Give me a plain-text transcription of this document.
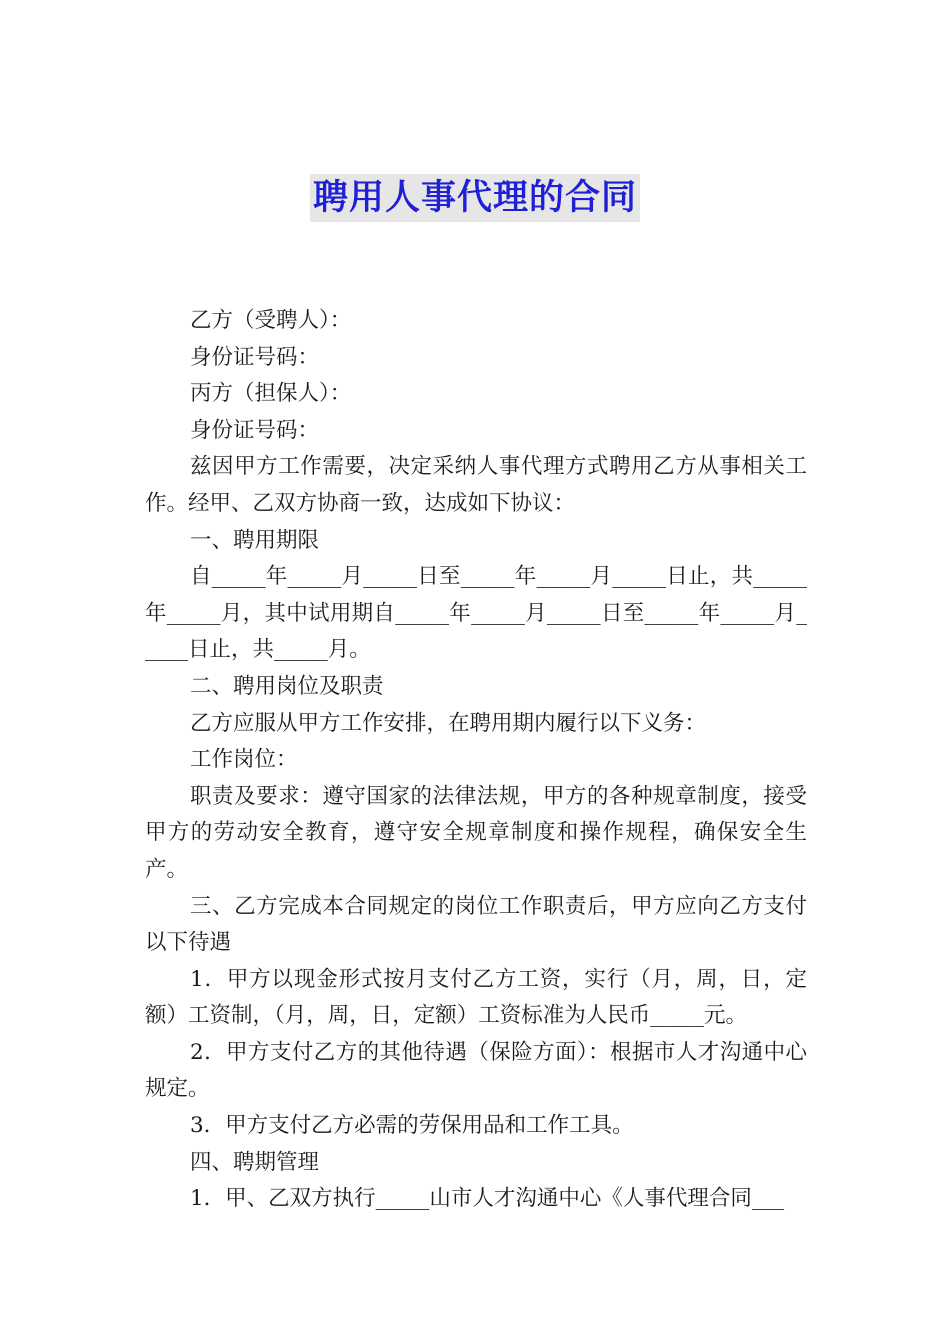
聘用人事代理的合同

乙方（受聘人）：

身份证号码：

丙方（担保人）：

身份证号码：

兹因甲方工作需要，决定采纳人事代理方式聘用乙方从事相关工作。经甲、乙双方协商一致，达成如下协议：

一、聘用期限

自_____年_____月_____日至_____年_____月_____日止，共_____年_____月，其中试用期自_____年_____月_____日至_____年_____月_____日止，共_____月。

二、聘用岗位及职责

乙方应服从甲方工作安排，在聘用期内履行以下义务：

工作岗位：

职责及要求：遵守国家的法律法规，甲方的各种规章制度，接受甲方的劳动安全教育，遵守安全规章制度和操作规程，确保安全生产。

三、乙方完成本合同规定的岗位工作职责后，甲方应向乙方支付以下待遇

1．甲方以现金形式按月支付乙方工资，实行（月，周，日，定额）工资制，（月，周，日，定额）工资标准为人民币_____元。

2．甲方支付乙方的其他待遇（保险方面）：根据市人才沟通中心规定。

3．甲方支付乙方必需的劳保用品和工作工具。

四、聘期管理

1．甲、乙双方执行_____山市人才沟通中心《人事代理合同___
